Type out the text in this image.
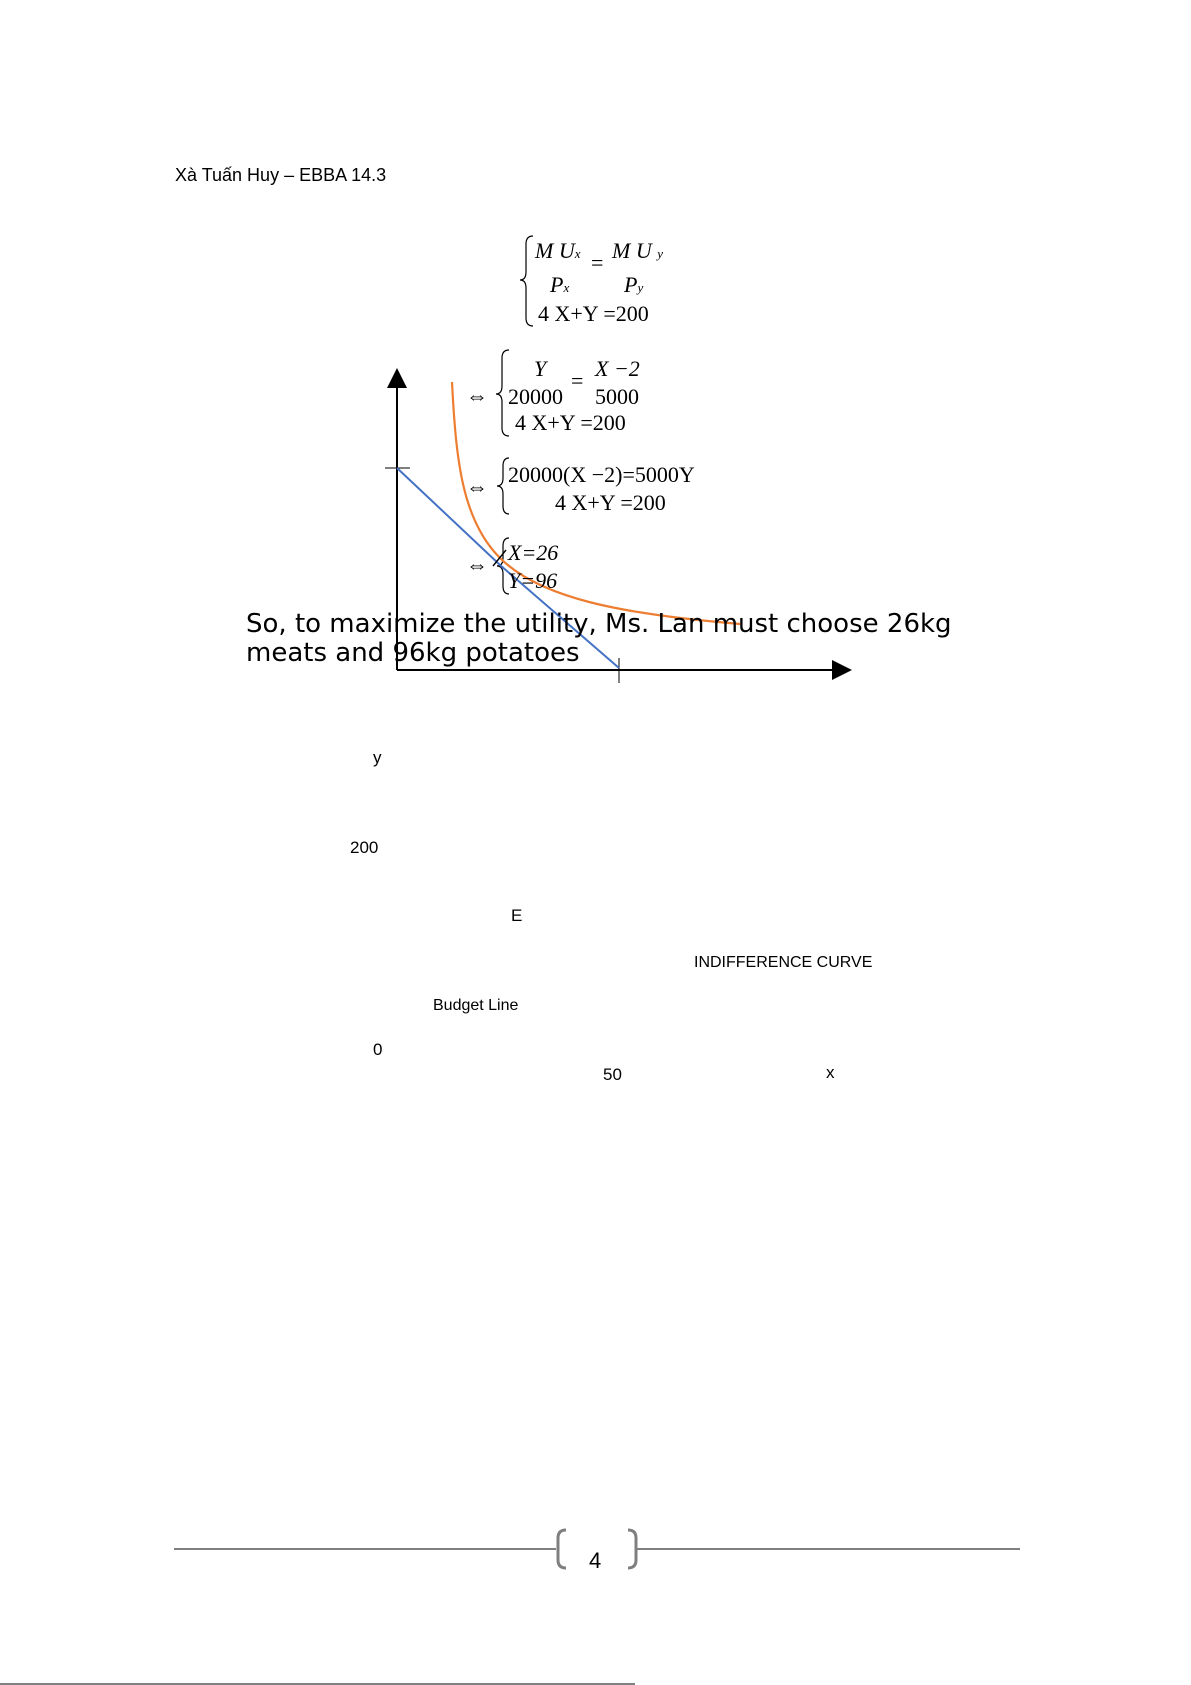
Xà Tuấn Huy – EBBA 14.3
M Ux = M U y
Px Py
4 X+Y =200
⇔
Y
20000
= X −2
5000
4 X+Y =200
⇔ 20000(X −2)=5000Y
4 X+Y =200
⇔ X=26
Y=96
So, to maximize the utility, Ms. Lan must choose 26kg meats and 96kg potatoes
y
200
E
INDIFFERENCE CURVE
Budget Line
0
50	x
4
